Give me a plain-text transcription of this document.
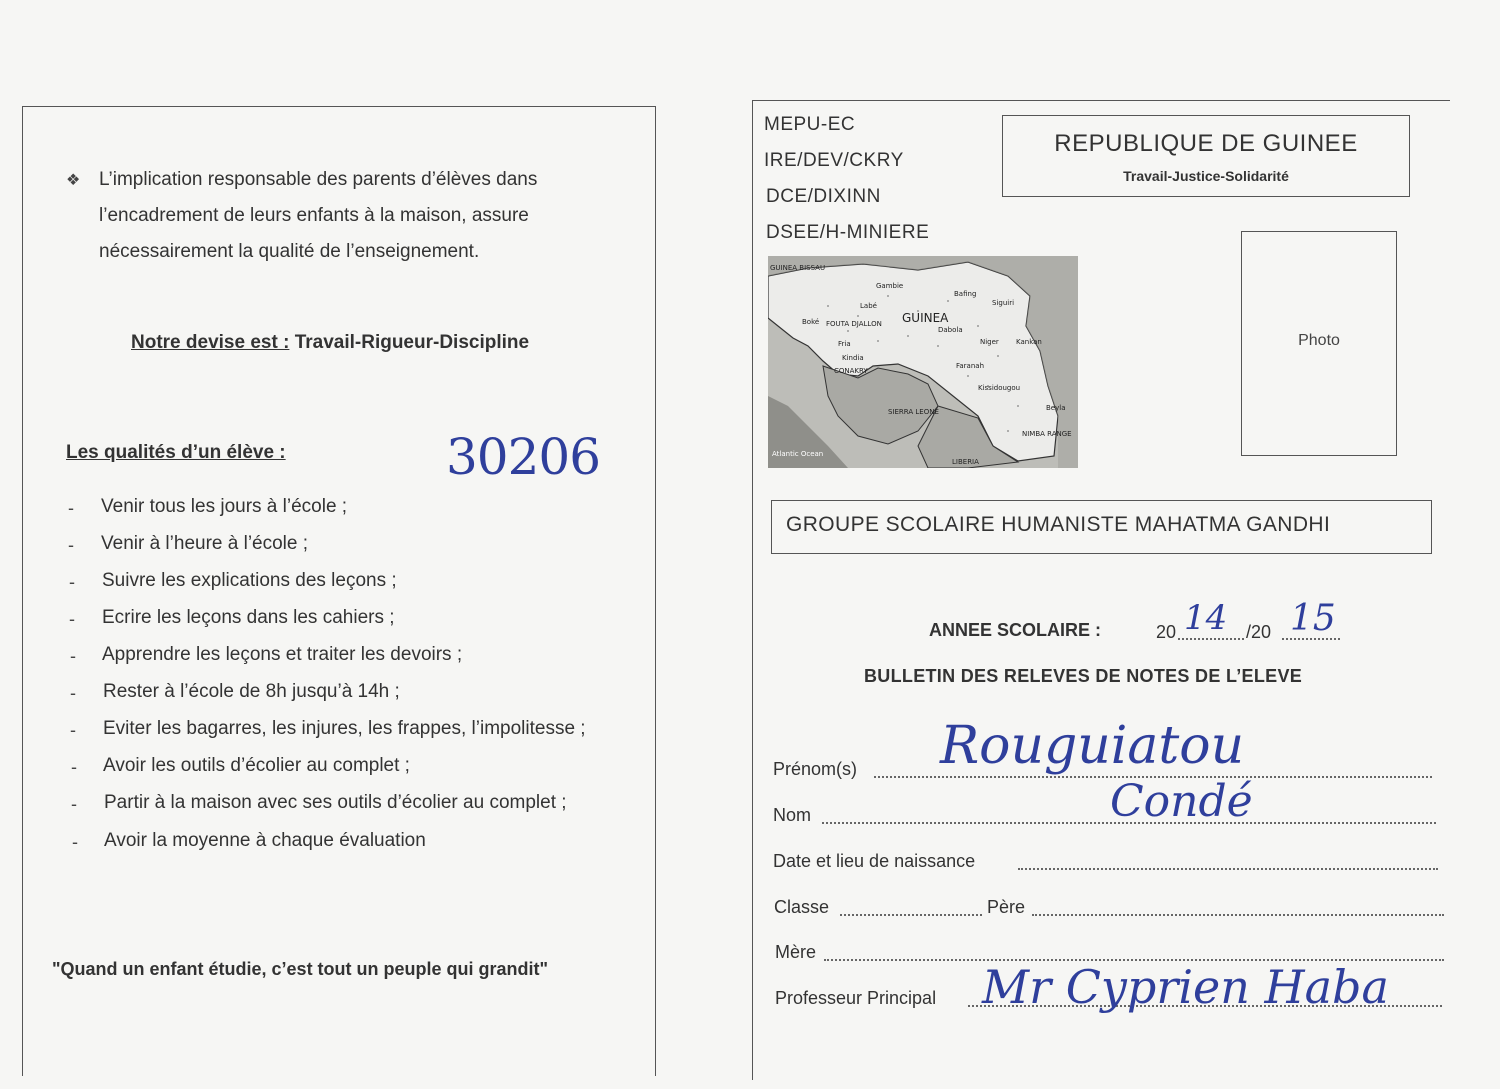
❖ L’implication responsable des parents d’élèves dans
l’encadrement de leurs enfants à la maison, assure
nécessairement la qualité de l’enseignement.
Notre devise est : Travail-Rigueur-Discipline
Les qualités d’un élève :	30206
- Venir tous les jours à l’école ;
- Venir à l’heure à l’école ;
- Suivre les explications des leçons ;
- Ecrire les leçons dans les cahiers ;
- Apprendre les leçons et traiter les devoirs ;
- Rester à l’école de 8h jusqu’à 14h ;
- Eviter les bagarres, les injures, les frappes, l’impolitesse ;
- Avoir les outils d’écolier au complet ;
- Partir à la maison avec ses outils d’écolier au complet ;
- Avoir la moyenne à chaque évaluation
"Quand un enfant étudie, c’est tout un peuple qui grandit"
MEPU-EC
IRE/DEV/CKRY
DCE/DIXINN
DSEE/H-MINIERE
REPUBLIQUE DE GUINEE
Travail-Justice-Solidarité
Photo
GUINEA BISSAU
FOUTA DJALLON
Boké
Labé
Fria
Kindia
CONAKRY
Dabola
Faranah
Kissidougou
Siguiri
Kankan
Beyla
NIMBA RANGE
SIERRA LEONE
LIBERIA
Atlantic Ocean
Gambie
Bafing
Niger
GUINEA
GROUPE SCOLAIRE HUMANISTE MAHATMA GANDHI
ANNEE SCOLAIRE :	20 14 /20 15
BULLETIN DES RELEVES DE NOTES DE L’ELEVE
Prénom(s) Rouguiatou
Nom	Condé
Date et lieu de naissance
Classe	Père
Mère
Professeur Principal Mr Cyprien Haba
